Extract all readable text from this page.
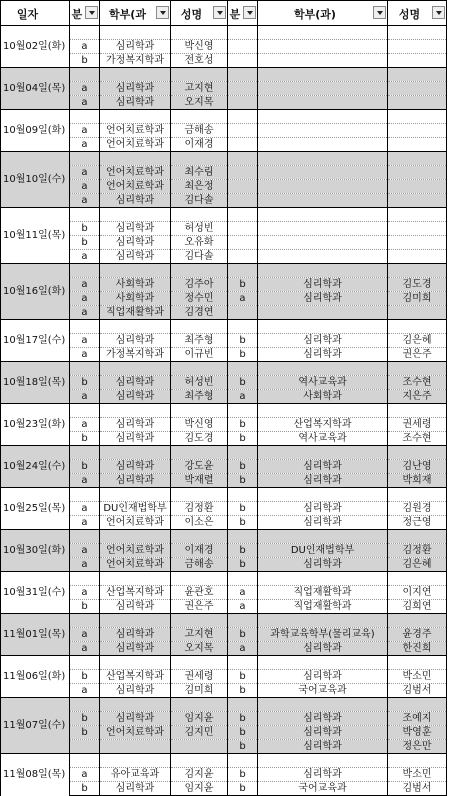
일자	분	학부(과	성명	분	학부(과)	성명

10월02일(화)						
	a	심리학과	박신영			
	b	가정복지학과	전호성			
10월04일(목)						
	a	심리학과	고지현			
	a	심리학과	오지목			
10월09일(화)						
	a	언어치료학과	금해송			
	a	언어치료학과	이재경			
10월10일(수)						
	a	언어치료학과	최수림			
	a	언어치료학과	최은정			
	a	심리학과	김다솔			
10월11일(목)						
	b	심리학과	허성빈			
	b	심리학과	오유화			
	a	심리학과	김다솔			
10월16일(화)						
	a	사회학과	김주아	b	심리학과	김도경
	a	사회학과	정수민	a	심리학과	김미희
	a	직업재활학과	김경연			
10월17일(수)						
	a	심리학과	최주형	b	심리학과	김은혜
	a	가정복지학과	이규빈	b	심리학과	권은주
10월18일(목)						
	b	심리학과	허성빈	b	역사교육과	조수현
	a	심리학과	최주형	a	사회학과	지은주
10월23일(화)						
	a	심리학과	박신영	b	산업복지학과	권세령
	b	심리학과	김도경	b	역사교육과	조수현
10월24일(수)						
	b	심리학과	강도윤	b	심리학과	김난영
	a	심리학과	박재렬	b	심리학과	박희재
10월25일(목)						
	a	DU인재법학부	김정환	b	심리학과	김원경
	a	언어치료학과	이소은	b	심리학과	정근영
10월30일(화)						
	a	언어치료학과	이재경	b	DU인재법학부	김정환
	a	언어치료학과	금해송	b	심리학과	김은혜
10월31일(수)						
	a	산업복지학과	윤관호	a	직업재활학과	이지연
	b	심리학과	권은주	a	직업재활학과	김희연
11월01일(목)						
	a	심리학과	고지현	b	과학교육학부(물리교육)	윤경주
	a	심리학과	오지목	a	심리학과	한진희
11월06일(화)						
	b	산업복지학과	권세령	b	심리학과	박소민
	a	심리학과	김미희	b	국어교육과	김범서
11월07일(수)						
	b	심리학과	임지윤	b	심리학과	조예지
	b	언어치료학과	김지민	b	심리학과	박영훈
				b	심리학과	정은만
11월08일(목)						
	a	유아교육과	김지윤	b	심리학과	박소민
	b	심리학과	임지윤	b	국어교육과	김범서
